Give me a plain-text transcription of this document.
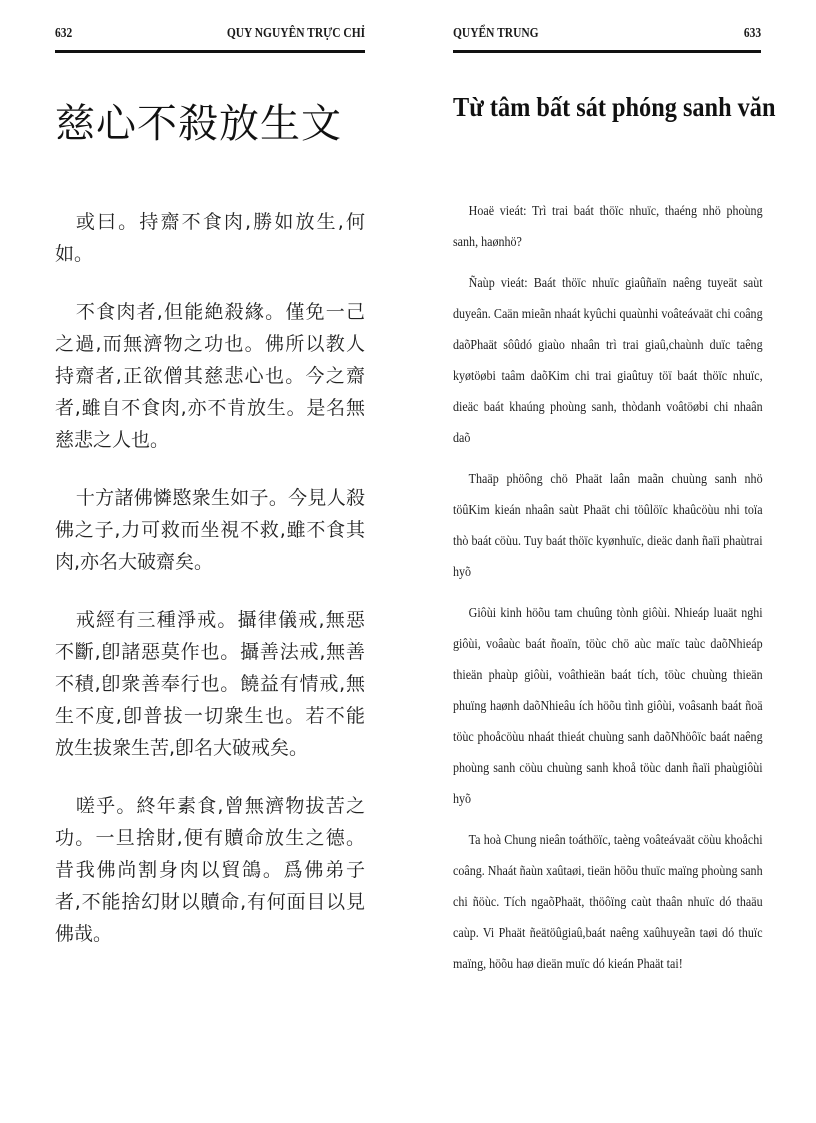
632	QUY NGUYÊN TRỰC CHỈ
慈心不殺放生文

或曰。持齋不食肉,勝如放生,何如。

不食肉者,但能絶殺緣。僅免一己之過,而無濟物之功也。佛所以教人持齋者,正欲僧其慈悲心也。今之齋者,雖自不食肉,亦不肯放生。是名無慈悲之人也。

十方諸佛憐愍衆生如子。今見人殺佛之子,力可救而坐視不救,雖不食其肉,亦名大破齋矣。

戒經有三種淨戒。攝律儀戒,無惡不斷,卽諸惡莫作也。攝善法戒,無善不積,卽衆善奉行也。饒益有情戒,無生不度,卽普拔一切衆生也。若不能放生拔衆生苦,卽名大破戒矣。

嗟乎。終年素食,曾無濟物拔苦之功。一旦捨財,便有贖命放生之德。昔我佛尚割身肉以貿鴿。爲佛弟子者,不能捨幻財以贖命,有何面目以見佛哉。

QUYỂN TRUNG	633
Từ tâm bất sát phóng sanh văn

Hoaë vieát: Trì trai baát thöïc nhuïc, thaéng nhö phoùng sanh, haønhö?

Ñaùp vieát: Baát thöïc nhuïc giaûñaïn naêng tuyeät saùt duyeân. Caän mieãn nhaát kyûchi quaùnhi voâteávaät chi coâng daõPhaät sôûdó giaùo nhaân trì trai giaû,chaùnh duïc taêng kyøtöøbi taâm daõKim chi trai giaûtuy töï baát thöïc nhuïc, dieäc baát khaúng phoùng sanh, thòdanh voâtöøbi chi nhaân daõ

Thaäp phöông chö Phaät laân maãn chuùng sanh nhö töûKim kieán nhaân saùt Phaät chi töûlöïc khaûcöùu nhi toïa thò baát cöùu. Tuy baát thöïc kyønhuïc, dieäc danh ñaïi phaùtrai hyõ

Giôùi kinh höõu tam chuûng tònh giôùi. Nhieáp luaät nghi giôùi, voâaùc baát ñoaïn, töùc chö aùc maïc taùc daõNhieáp thieän phaùp giôùi, voâthieän baát tích, töùc chuùng thieän phuïng haønh daõNhieâu ích höõu tình giôùi, voâsanh baát ñoä töùc phoåcöùu nhaát thieát chuùng sanh daõNhöôïc baát naêng phoùng sanh cöùu chuùng sanh khoå töùc danh ñaïi phaùgiôùi hyõ

Ta hoà Chung nieân toáthöïc, taèng voâteávaät cöùu khoåchi coâng. Nhaát ñaùn xaûtaøi, tieän höõu thuïc maïng phoùng sanh chi ñöùc. Tích ngaõPhaät, thöôïng caùt thaân nhuïc dó thaäu caùp. Vi Phaät ñeätöûgiaû,baát naêng xaûhuyeãn taøi dó thuïc maïng, höõu haø dieän muïc dó kieán Phaät tai!
